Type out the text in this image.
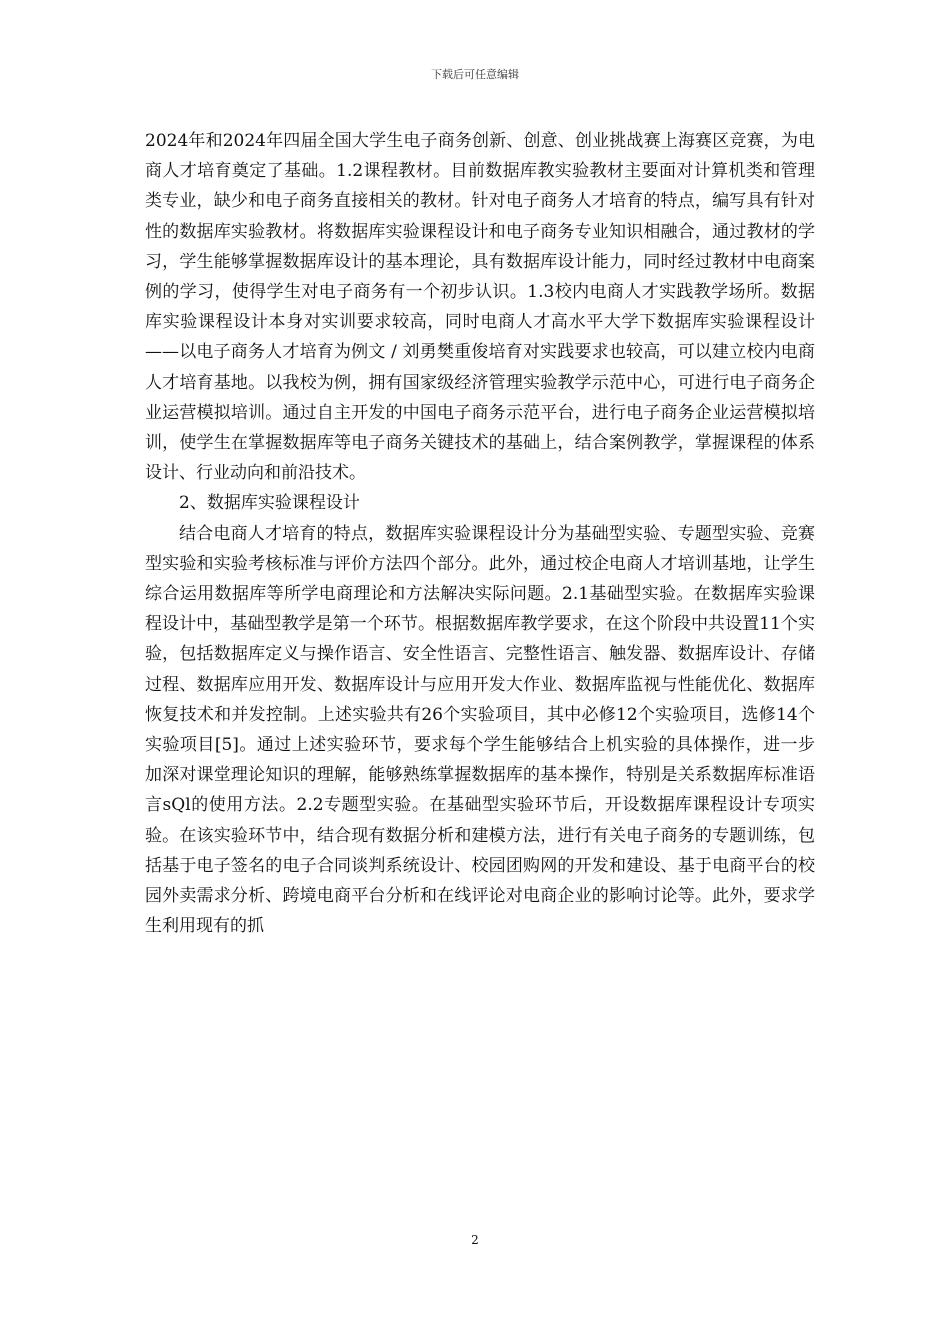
下载后可任意编辑

2024年和2024年四届全国大学生电子商务创新、创意、创业挑战赛上海赛区竞赛，为电商人才培育奠定了基础。1.2课程教材。目前数据库教实验教材主要面对计算机类和管理类专业，缺少和电子商务直接相关的教材。针对电子商务人才培育的特点，编写具有针对性的数据库实验教材。将数据库实验课程设计和电子商务专业知识相融合，通过教材的学习，学生能够掌握数据库设计的基本理论，具有数据库设计能力，同时经过教材中电商案例的学习，使得学生对电子商务有一个初步认识。1.3校内电商人才实践教学场所。数据库实验课程设计本身对实训要求较高，同时电商人才高水平大学下数据库实验课程设计——以电子商务人才培育为例文 / 刘勇樊重俊培育对实践要求也较高，可以建立校内电商人才培育基地。以我校为例，拥有国家级经济管理实验教学示范中心，可进行电子商务企业运营模拟培训。通过自主开发的中国电子商务示范平台，进行电子商务企业运营模拟培训，使学生在掌握数据库等电子商务关键技术的基础上，结合案例教学，掌握课程的体系设计、行业动向和前沿技术。

2、数据库实验课程设计

结合电商人才培育的特点，数据库实验课程设计分为基础型实验、专题型实验、竞赛型实验和实验考核标准与评价方法四个部分。此外，通过校企电商人才培训基地，让学生综合运用数据库等所学电商理论和方法解决实际问题。2.1基础型实验。在数据库实验课程设计中，基础型教学是第一个环节。根据数据库教学要求，在这个阶段中共设置11个实验，包括数据库定义与操作语言、安全性语言、完整性语言、触发器、数据库设计、存储过程、数据库应用开发、数据库设计与应用开发大作业、数据库监视与性能优化、数据库恢复技术和并发控制。上述实验共有26个实验项目，其中必修12个实验项目，选修14个实验项目[5]。通过上述实验环节，要求每个学生能够结合上机实验的具体操作，进一步加深对课堂理论知识的理解，能够熟练掌握数据库的基本操作，特别是关系数据库标准语言sQl的使用方法。2.2专题型实验。在基础型实验环节后，开设数据库课程设计专项实验。在该实验环节中，结合现有数据分析和建模方法，进行有关电子商务的专题训练，包括基于电子签名的电子合同谈判系统设计、校园团购网的开发和建设、基于电商平台的校园外卖需求分析、跨境电商平台分析和在线评论对电商企业的影响讨论等。此外，要求学生利用现有的抓

2
